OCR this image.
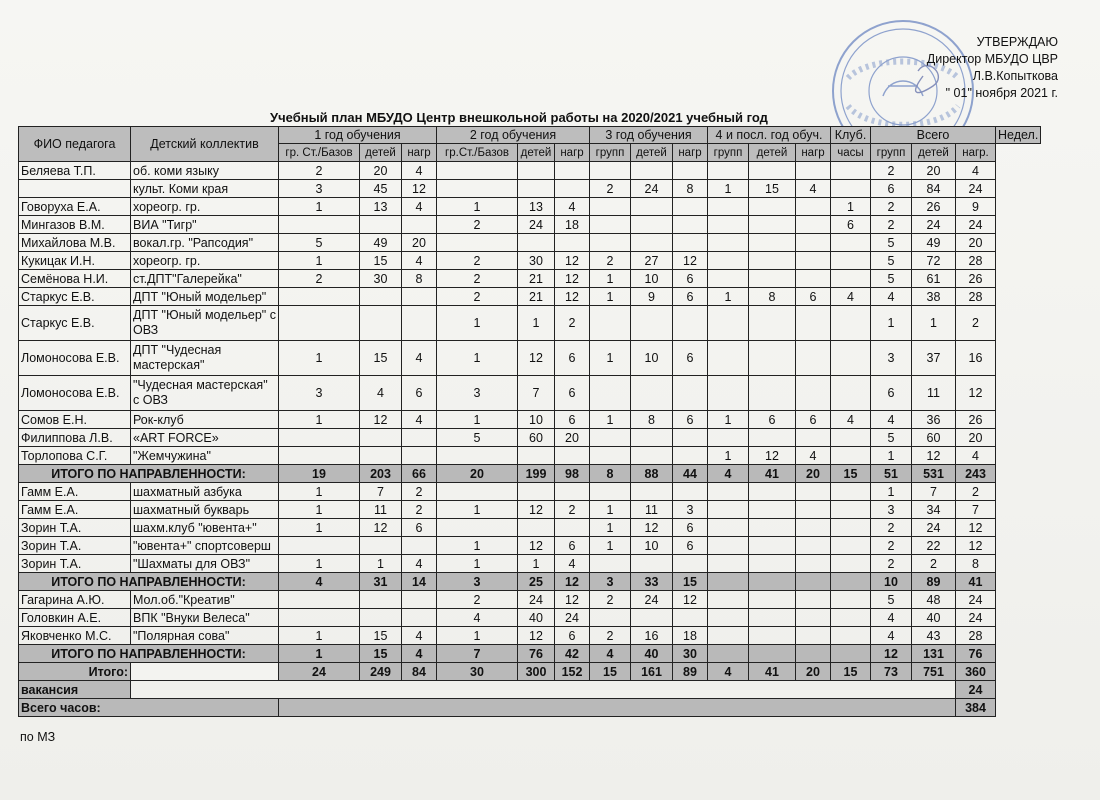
УТВЕРЖДАЮ
Директор МБУДО ЦВР
Л.В.Копыткова
" 01" ноября 2021 г.
Учебный план МБУДО Центр внешкольной работы на 2020/2021 учебный год
ФИО педагога	Детский коллектив	1 год обучения			2 год обучения			3 год обучения			4 и посл. год обуч.			Клуб.	Всего			Недел.
		гр. Ст./Базов	детей	нагр	гр.Ст./Базов	детей	нагр	групп	детей	нагр	групп	детей	нагр	часы	групп	детей	нагр.	
Беляева Т.П.	об. коми языку	2	20	4											2	20	4	
	культ. Коми края	3	45	12				2	24	8	1	15	4		6	84	24	
Говоруха Е.А.	хореогр. гр.	1	13	4	1	13	4							1	2	26	9	
Мингазов В.М.	ВИА "Тигр"				2	24	18							6	2	24	24	
Михайлова М.В.	вокал.гр. "Рапсодия"	5	49	20											5	49	20	
Кукицак И.Н.	хореогр. гр.	1	15	4	2	30	12	2	27	12					5	72	28	
Семёнова Н.И.	ст.ДПТ"Галерейка"	2	30	8	2	21	12	1	10	6					5	61	26	
Старкус Е.В.	ДПТ "Юный модельер"				2	21	12	1	9	6	1	8	6	4	4	38	28	
Старкус Е.В.	ДПТ "Юный модельер" с ОВЗ				1	1	2								1	1	2	
Ломоносова Е.В.	ДПТ "Чудесная мастерская"	1	15	4	1	12	6	1	10	6					3	37	16	
Ломоносова Е.В.	"Чудесная мастерская" с ОВЗ	3	4	6	3	7	6								6	11	12	
Сомов Е.Н.	Рок-клуб	1	12	4	1	10	6	1	8	6	1	6	6	4	4	36	26	
Филиппова Л.В.	«ART FORCE»				5	60	20								5	60	20	
Торлопова С.Г.	"Жемчужина"										1	12	4		1	12	4	
ИТОГО ПО НАПРАВЛЕННОСТИ:		19	203	66	20	199	98	8	88	44	4	41	20	15	51	531	243	
Гамм Е.А.	шахматный азбука	1	7	2											1	7	2	
Гамм Е.А.	шахматный букварь	1	11	2	1	12	2	1	11	3					3	34	7	
Зорин Т.А.	шахм.клуб "ювента+"	1	12	6				1	12	6					2	24	12	
Зорин Т.А.	"ювента+" спортсоверш				1	12	6	1	10	6					2	22	12	
Зорин Т.А.	"Шахматы для ОВЗ"	1	1	4	1	1	4								2	2	8	
ИТОГО ПО НАПРАВЛЕННОСТИ:		4	31	14	3	25	12	3	33	15					10	89	41	
Гагарина А.Ю.	Мол.об."Креатив"				2	24	12	2	24	12					5	48	24	
Головкин А.Е.	ВПК "Внуки Велеса"				4	40	24								4	40	24	
Яковченко М.С.	"Полярная сова"	1	15	4	1	12	6	2	16	18					4	43	28	
ИТОГО ПО НАПРАВЛЕННОСТИ:		1	15	4	7	76	42	4	40	30					12	131	76	
Итого:		24	249	84	30	300	152	15	161	89	4	41	20	15	73	751	360	
вакансия																	24	
Всего часов:																	384	
по МЗ
